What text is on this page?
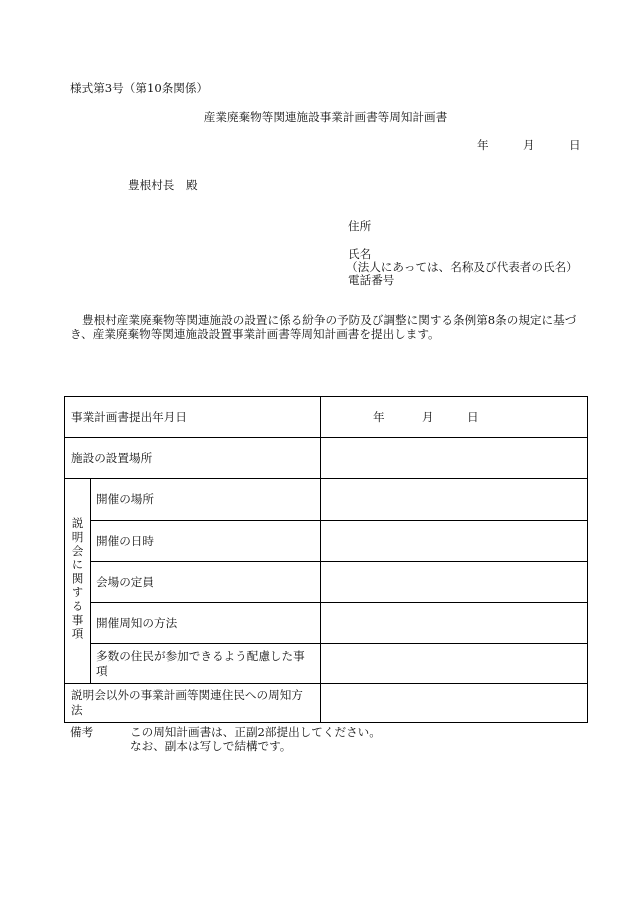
様式第3号（第10条関係）
産業廃棄物等関連施設事業計画書等周知計画書
年	月	日
豊根村長　殿
住所
氏名
（法人にあっては、名称及び代表者の氏名）
電話番号
豊根村産業廃棄物等関連施設の設置に係る紛争の予防及び調整に関する条例第8条の規定に基づ
き、産業廃棄物等関連施設設置事業計画書等周知計画書を提出します。
事業計画書提出年月日		年 月 日

施設の設置場所		
説明会に関する事項	開催の場所	
	開催の日時	
	会場の定員	
	開催周知の方法	

	多数の住民が参加できるよう配慮した事
項	

説明会以外の事業計画等関連住民への周知方
法		

備考	この周知計画書は、正副2部提出してください。
なお、副本は写しで結構です。
